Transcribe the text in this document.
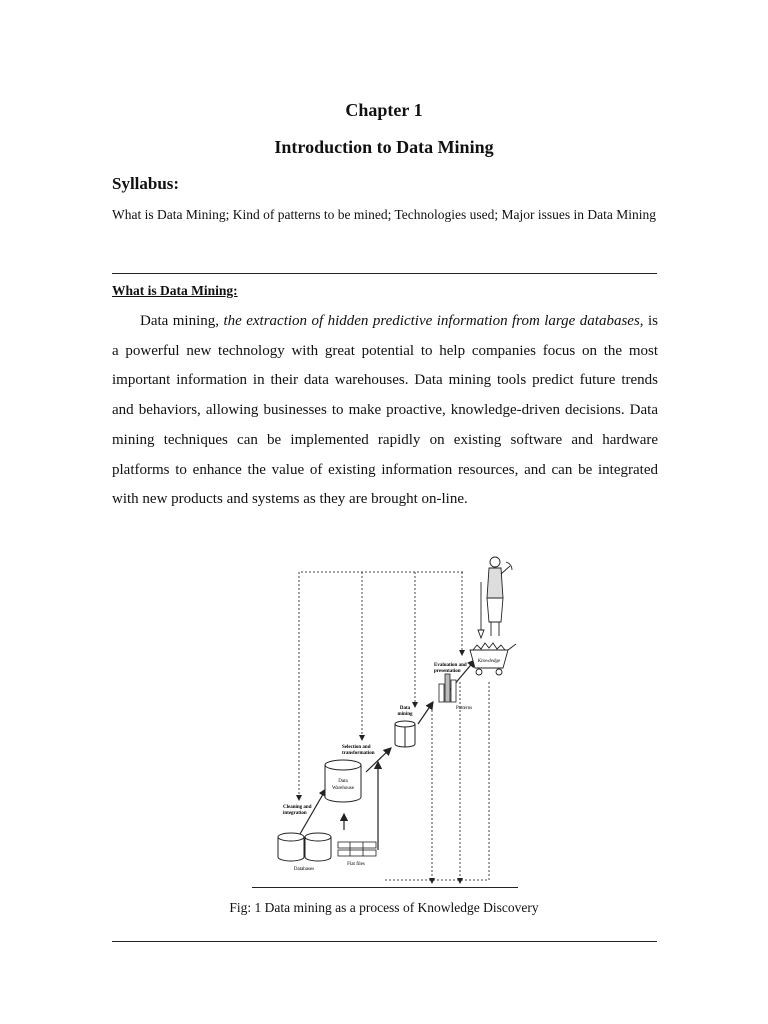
Chapter 1
Introduction to Data Mining
Syllabus:
What is Data Mining; Kind of patterns to be mined; Technologies used; Major issues in Data Mining
What is Data Mining:
Data mining, the extraction of hidden predictive information from large databases, is a powerful new technology with great potential to help companies focus on the most important information in their data warehouses. Data mining tools predict future trends and behaviors, allowing businesses to make proactive, knowledge-driven decisions. Data mining techniques can be implemented rapidly on existing software and hardware platforms to enhance the value of existing information resources, and can be integrated with new products and systems as they are brought on-line.
Databases
Flat files
Cleaning and
integration
Data
Warehouse
Selection and
transformation
Data
mining
Patterns
Evaluation and
presentation
Knowledge
Fig: 1 Data mining as a process of Knowledge Discovery
